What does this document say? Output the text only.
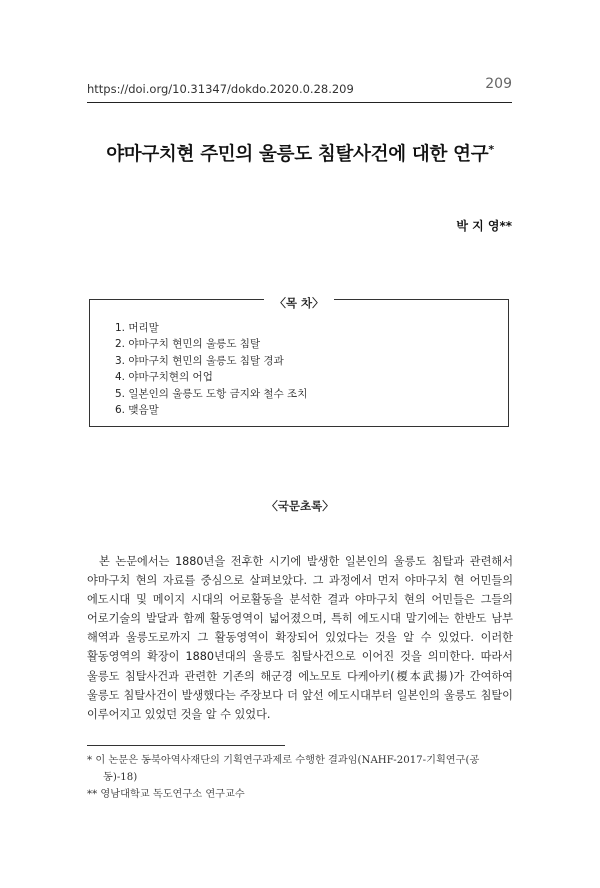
https://doi.org/10.31347/dokdo.2020.0.28.209	209
야마구치현 주민의 울릉도 침탈사건에 대한 연구*
박 지 영**
〈목 차〉
1. 머리말
2. 야마구치 현민의 울릉도 침탈
3. 야마구치 현민의 울릉도 침탈 경과
4. 야마구치현의 어업
5. 일본인의 울릉도 도항 금지와 철수 조치
6. 맺음말
〈국문초록〉

본 논문에서는 1880년을 전후한 시기에 발생한 일본인의 울릉도 침탈과 관련해서 야마구치 현의 자료를 중심으로 살펴보았다. 그 과정에서 먼저 야마구치 현 어민들의 에도시대 및 메이지 시대의 어로활동을 분석한 결과 야마구치 현의 어민들은 그들의 어로기술의 발달과 함께 활동영역이 넓어졌으며, 특히 에도시대 말기에는 한반도 남부 해역과 울릉도로까지 그 활동영역이 확장되어 있었다는 것을 알 수 있었다. 이러한 활동영역의 확장이 1880년대의 울릉도 침탈사건으로 이어진 것을 의미한다. 따라서 울릉도 침탈사건과 관련한 기존의 해군경 에노모토 다케아키(榎本武揚)가 간여하여 울릉도 침탈사건이 발생했다는 주장보다 더 앞선 에도시대부터 일본인의 울릉도 침탈이 이루어지고 있었던 것을 알 수 있었다.

* 이 논문은 동북아역사재단의 기획연구과제로 수행한 결과임(NAHF-2017-기획연구(공동)-18)

** 영남대학교 독도연구소 연구교수
